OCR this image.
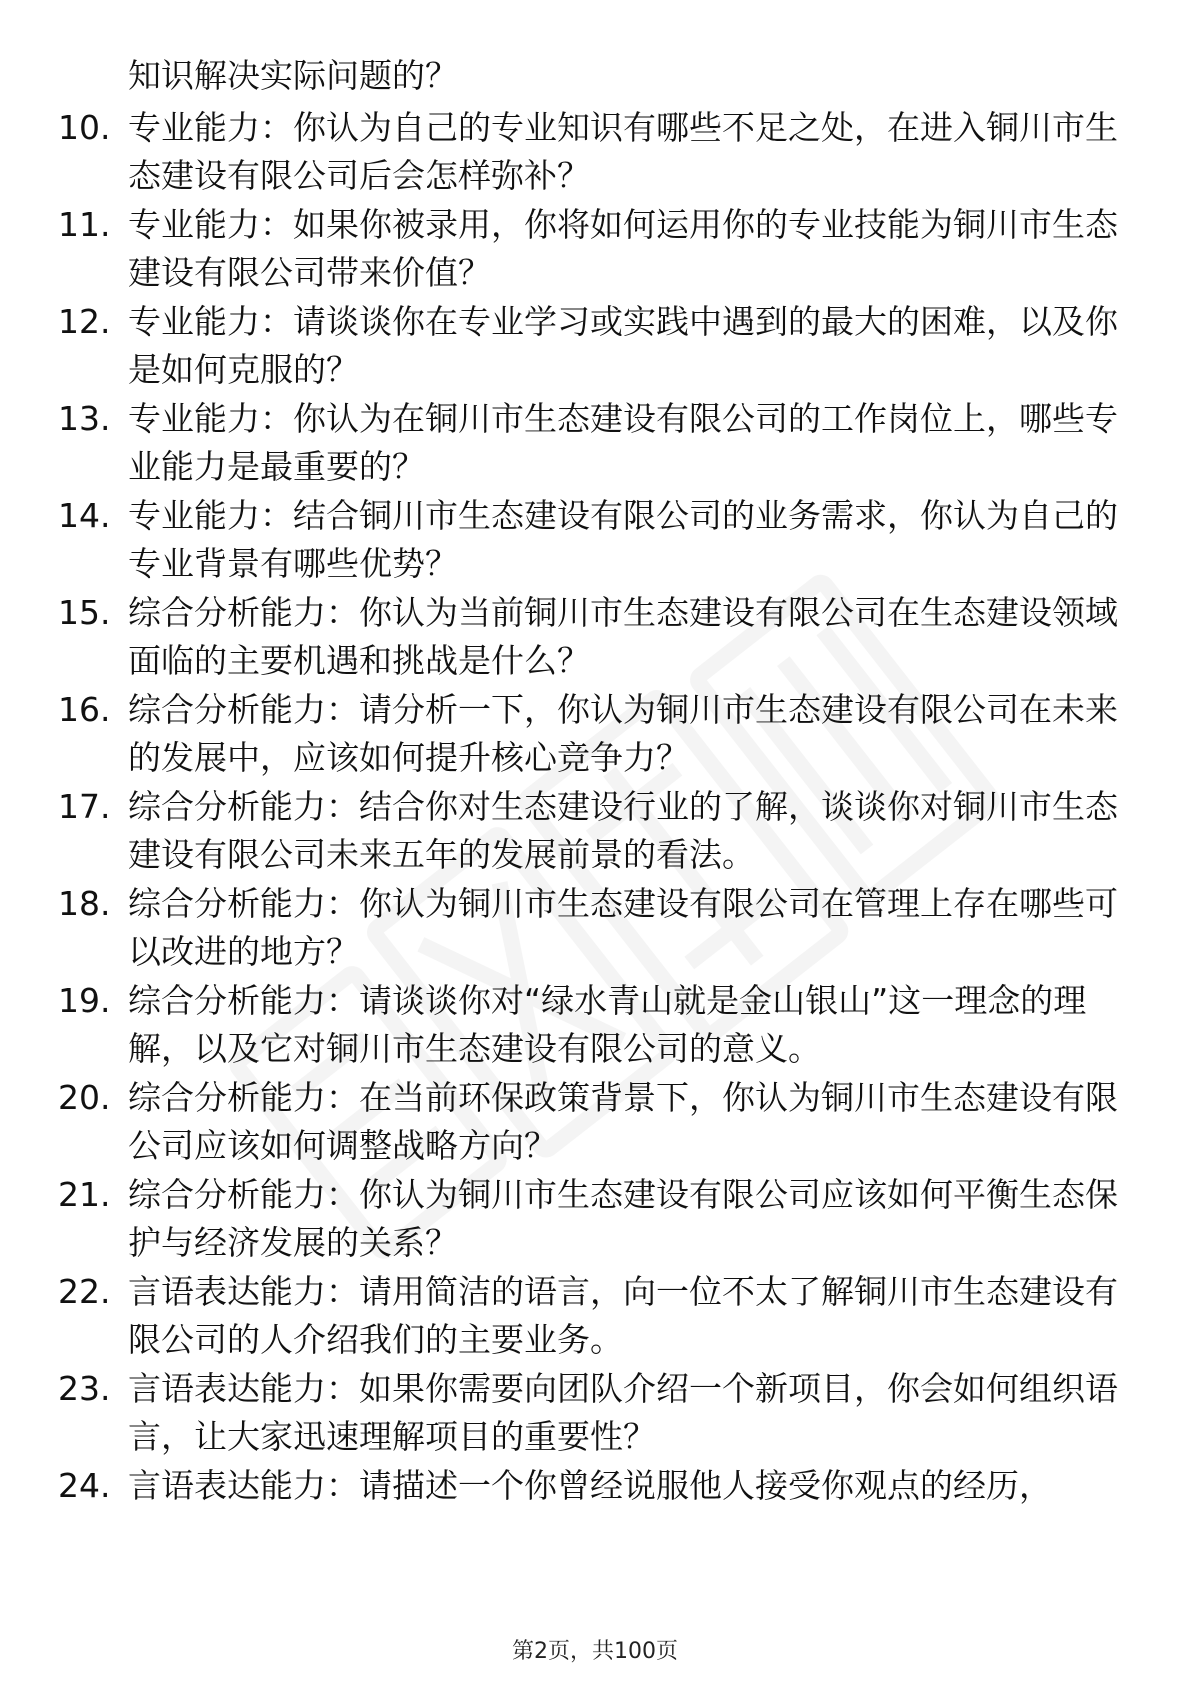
知识解决实际问题的？
10. 专业能力：你认为自己的专业知识有哪些不足之处，在进入铜川市生态建设有限公司后会怎样弥补？
11. 专业能力：如果你被录用，你将如何运用你的专业技能为铜川市生态建设有限公司带来价值？
12. 专业能力：请谈谈你在专业学习或实践中遇到的最大的困难，以及你是如何克服的？
13. 专业能力：你认为在铜川市生态建设有限公司的工作岗位上，哪些专业能力是最重要的？
14. 专业能力：结合铜川市生态建设有限公司的业务需求，你认为自己的专业背景有哪些优势？
15. 综合分析能力：你认为当前铜川市生态建设有限公司在生态建设领域面临的主要机遇和挑战是什么？
16. 综合分析能力：请分析一下，你认为铜川市生态建设有限公司在未来的发展中，应该如何提升核心竞争力？
17. 综合分析能力：结合你对生态建设行业的了解，谈谈你对铜川市生态建设有限公司未来五年的发展前景的看法。
18. 综合分析能力：你认为铜川市生态建设有限公司在管理上存在哪些可以改进的地方？
19. 综合分析能力：请谈谈你对“绿水青山就是金山银山”这一理念的理解，以及它对铜川市生态建设有限公司的意义。
20. 综合分析能力：在当前环保政策背景下，你认为铜川市生态建设有限公司应该如何调整战略方向？
21. 综合分析能力：你认为铜川市生态建设有限公司应该如何平衡生态保护与经济发展的关系？
22. 言语表达能力：请用简洁的语言，向一位不太了解铜川市生态建设有限公司的人介绍我们的主要业务。
23. 言语表达能力：如果你需要向团队介绍一个新项目，你会如何组织语言，让大家迅速理解项目的重要性？
24. 言语表达能力：请描述一个你曾经说服他人接受你观点的经历，
第2页，共100页
